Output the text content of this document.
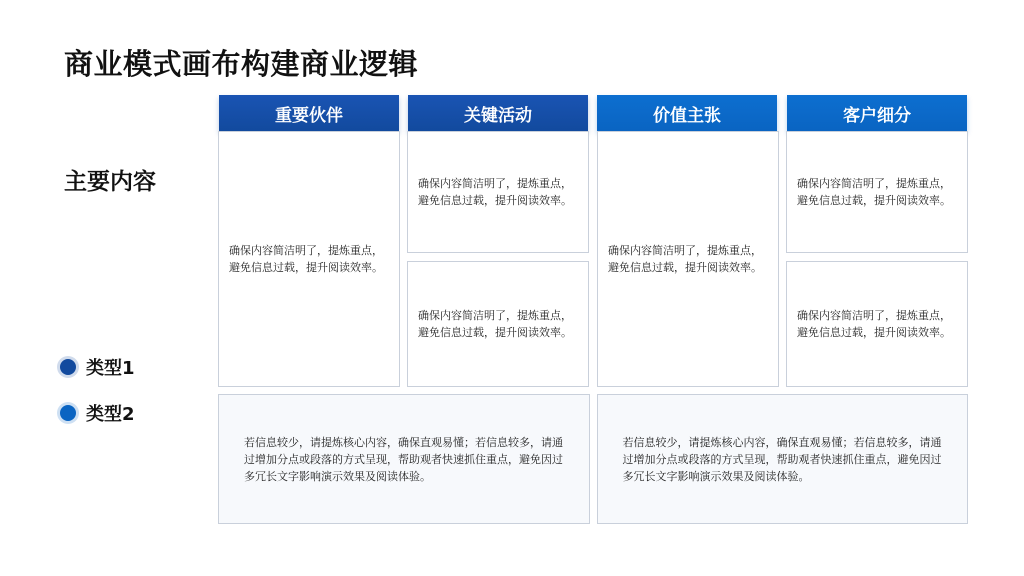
商业模式画布构建商业逻辑
主要内容
类型1
类型2
重要伙伴	关键活动	价值主张	客户细分
确保内容简洁明了，提炼重点，避免信息过载，提升阅读效率。
确保内容简洁明了，提炼重点，避免信息过载，提升阅读效率。
确保内容简洁明了，提炼重点，避免信息过载，提升阅读效率。
确保内容简洁明了，提炼重点，避免信息过载，提升阅读效率。
确保内容简洁明了，提炼重点，避免信息过载，提升阅读效率。
确保内容简洁明了，提炼重点，避免信息过载，提升阅读效率。
若信息较少，请提炼核心内容，确保直观易懂；若信息较多，请通过增加分点或段落的方式呈现，帮助观者快速抓住重点，避免因过多冗长文字影响演示效果及阅读体验。
若信息较少，请提炼核心内容，确保直观易懂；若信息较多，请通过增加分点或段落的方式呈现，帮助观者快速抓住重点，避免因过多冗长文字影响演示效果及阅读体验。
